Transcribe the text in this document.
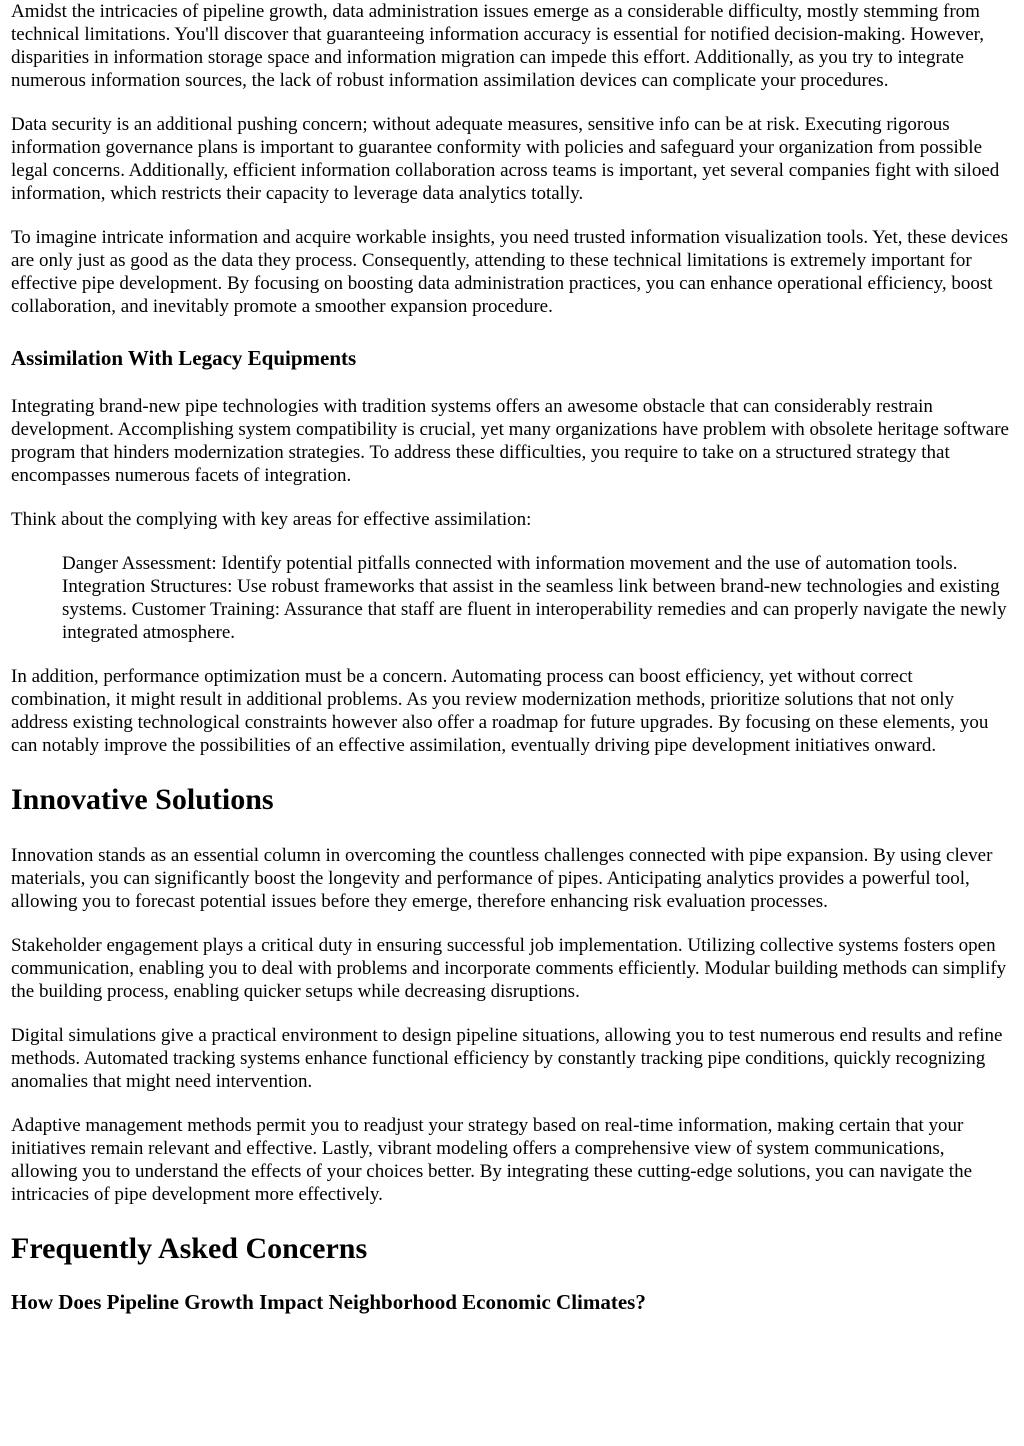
Amidst the intricacies of pipeline growth, data administration issues emerge as a considerable difficulty, mostly stemming from technical limitations. You'll discover that guaranteeing information accuracy is essential for notified decision-making. However, disparities in information storage space and information migration can impede this effort. Additionally, as you try to integrate numerous information sources, the lack of robust information assimilation devices can complicate your procedures.

Data security is an additional pushing concern; without adequate measures, sensitive info can be at risk. Executing rigorous information governance plans is important to guarantee conformity with policies and safeguard your organization from possible legal concerns. Additionally, efficient information collaboration across teams is important, yet several companies fight with siloed information, which restricts their capacity to leverage data analytics totally.

To imagine intricate information and acquire workable insights, you need trusted information visualization tools. Yet, these devices are only just as good as the data they process. Consequently, attending to these technical limitations is extremely important for effective pipe development. By focusing on boosting data administration practices, you can enhance operational efficiency, boost collaboration, and inevitably promote a smoother expansion procedure.

Assimilation With Legacy Equipments

Integrating brand-new pipe technologies with tradition systems offers an awesome obstacle that can considerably restrain development. Accomplishing system compatibility is crucial, yet many organizations have problem with obsolete heritage software program that hinders modernization strategies. To address these difficulties, you require to take on a structured strategy that encompasses numerous facets of integration.

Think about the complying with key areas for effective assimilation:

Danger Assessment: Identify potential pitfalls connected with information movement and the use of automation tools. Integration Structures: Use robust frameworks that assist in the seamless link between brand-new technologies and existing systems. Customer Training: Assurance that staff are fluent in interoperability remedies and can properly navigate the newly integrated atmosphere.

In addition, performance optimization must be a concern. Automating process can boost efficiency, yet without correct combination, it might result in additional problems. As you review modernization methods, prioritize solutions that not only address existing technological constraints however also offer a roadmap for future upgrades. By focusing on these elements, you can notably improve the possibilities of an effective assimilation, eventually driving pipe development initiatives onward.

Innovative Solutions

Innovation stands as an essential column in overcoming the countless challenges connected with pipe expansion. By using clever materials, you can significantly boost the longevity and performance of pipes. Anticipating analytics provides a powerful tool, allowing you to forecast potential issues before they emerge, therefore enhancing risk evaluation processes.

Stakeholder engagement plays a critical duty in ensuring successful job implementation. Utilizing collective systems fosters open communication, enabling you to deal with problems and incorporate comments efficiently. Modular building methods can simplify the building process, enabling quicker setups while decreasing disruptions.

Digital simulations give a practical environment to design pipeline situations, allowing you to test numerous end results and refine methods. Automated tracking systems enhance functional efficiency by constantly tracking pipe conditions, quickly recognizing anomalies that might need intervention.

Adaptive management methods permit you to readjust your strategy based on real-time information, making certain that your initiatives remain relevant and effective. Lastly, vibrant modeling offers a comprehensive view of system communications, allowing you to understand the effects of your choices better. By integrating these cutting-edge solutions, you can navigate the intricacies of pipe development more effectively.

Frequently Asked Concerns
How Does Pipeline Growth Impact Neighborhood Economic Climates?
